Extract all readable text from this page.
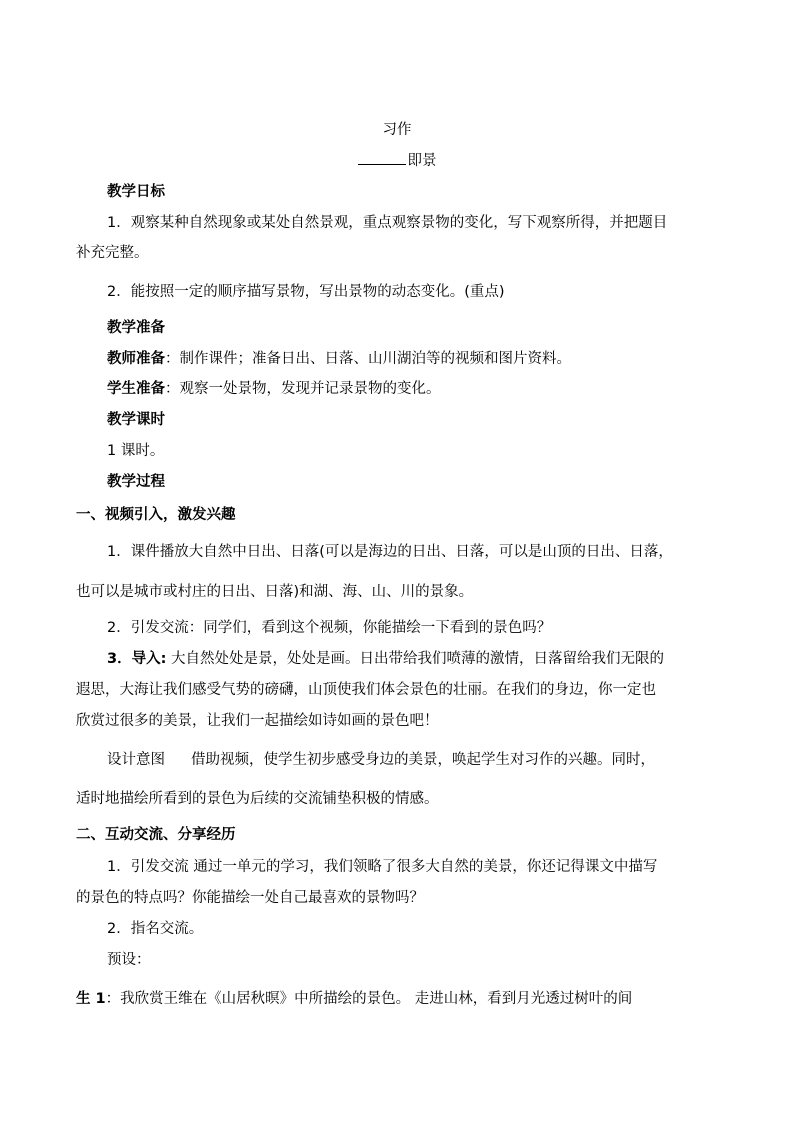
习作
即景
教学日标
1．观察某种自然现象或某处自然景观，重点观察景物的变化，写下观察所得，并把题目
补充完整。
2．能按照一定的顺序描写景物，写出景物的动态变化。(重点)
教学准备
教师准备：制作课件；准备日出、日落、山川湖泊等的视频和图片资料。
学生准备：观察一处景物，发现并记录景物的变化。
教学课时
1 课时。
教学过程
一、视频引入，激发兴趣
1．课件播放大自然中日出、日落(可以是海边的日出、日落，可以是山顶的日出、日落，
也可以是城市或村庄的日出、日落)和湖、海、山、川的景象。
2．引发交流：同学们，看到这个视频，你能描绘一下看到的景色吗？
3．导入: 大自然处处是景，处处是画。日出带给我们喷薄的激情，日落留给我们无限的
遐思，大海让我们感受气势的磅礴，山顶使我们体会景色的壮丽。在我们的身边，你一定也
欣赏过很多的美景，让我们一起描绘如诗如画的景色吧！
设计意图 借助视频，使学生初步感受身边的美景，唤起学生对习作的兴趣。同时，
适时地描绘所看到的景色为后续的交流铺垫积极的情感。
二、互动交流、分享经历
1．引发交流 通过一单元的学习，我们领略了很多大自然的美景，你还记得课文中描写
的景色的特点吗？你能描绘一处自己最喜欢的景物吗？
2．指名交流。
预设：
生 1：我欣赏王维在《山居秋暝》中所描绘的景色。 走进山林，看到月光透过树叶的间
